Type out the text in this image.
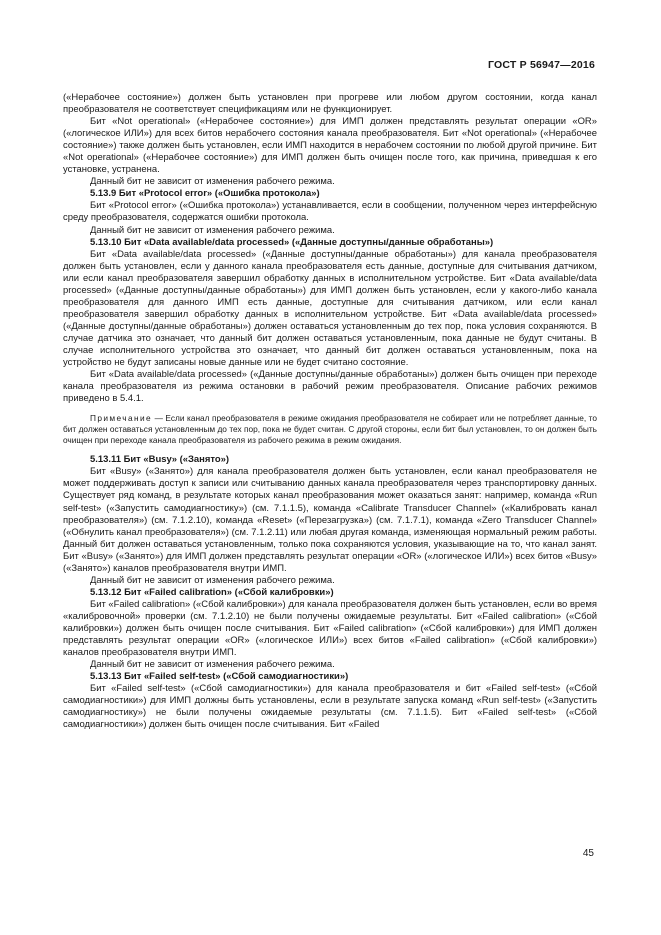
ГОСТ Р 56947—2016

(«Нерабочее состояние») должен быть установлен при прогреве или любом другом состоянии, когда канал преобразователя не соответствует спецификациям или не функционирует.

Бит «Not operational» («Нерабочее состояние») для ИМП должен представлять результат операции «OR» («логическое ИЛИ») для всех битов нерабочего состояния канала преобразователя. Бит «Not operational» («Нерабочее состояние») также должен быть установлен, если ИМП находится в нерабочем состоянии по любой другой причине. Бит «Not operational» («Нерабочее состояние») для ИМП должен быть очищен после того, как причина, приведшая к его установке, устранена.

Данный бит не зависит от изменения рабочего режима.

5.13.9 Бит «Protocol error» («Ошибка протокола»)

Бит «Protocol error» («Ошибка протокола») устанавливается, если в сообщении, полученном через интерфейсную среду преобразователя, содержатся ошибки протокола.

Данный бит не зависит от изменения рабочего режима.

5.13.10 Бит «Data available/data processed» («Данные доступны/данные обработаны»)

Бит «Data available/data processed» («Данные доступны/данные обработаны») для канала преобразователя должен быть установлен, если у данного канала преобразователя есть данные, доступные для считывания датчиком, или если канал преобразователя завершил обработку данных в исполнительном устройстве. Бит «Data available/data processed» («Данные доступны/данные обработаны») для ИМП должен быть установлен, если у какого-либо канала преобразователя для данного ИМП есть данные, доступные для считывания датчиком, или если канал преобразователя завершил обработку данных в исполнительном устройстве. Бит «Data available/data processed» («Данные доступны/данные обработаны») должен оставаться установленным до тех пор, пока условия сохраняются. В случае датчика это означает, что данный бит должен оставаться установленным, пока данные не будут считаны. В случае исполнительного устройства это означает, что данный бит должен оставаться установленным, пока на устройство не будут записаны новые данные или не будет считано состояние.

Бит «Data available/data processed» («Данные доступны/данные обработаны») должен быть очищен при переходе канала преобразователя из режима остановки в рабочий режим преобразователя. Описание рабочих режимов приведено в 5.4.1.

Примечание — Если канал преобразователя в режиме ожидания преобразователя не собирает или не потребляет данные, то бит должен оставаться установленным до тех пор, пока не будет считан. С другой стороны, если бит был установлен, то он должен быть очищен при переходе канала преобразователя из рабочего режима в режим ожидания.

5.13.11 Бит «Busy» («Занято»)

Бит «Busy» («Занято») для канала преобразователя должен быть установлен, если канал преобразователя не может поддерживать доступ к записи или считыванию данных канала преобразователя через транспортировку данных. Существует ряд команд, в результате которых канал преобразования может оказаться занят: например, команда «Run self-test» («Запустить самодиагностику») (см. 7.1.1.5), команда «Calibrate Transducer Channel» («Калибровать канал преобразователя») (см. 7.1.2.10), команда «Reset» («Перезагрузка») (см. 7.1.7.1), команда «Zero Transducer Channel» («Обнулить канал преобразователя») (см. 7.1.2.11) или любая другая команда, изменяющая нормальный режим работы. Данный бит должен оставаться установленным, только пока сохраняются условия, указывающие на то, что канал занят. Бит «Busy» («Занято») для ИМП должен представлять результат операции «OR» («логическое ИЛИ») всех битов «Busy» («Занято») каналов преобразователя внутри ИМП.

Данный бит не зависит от изменения рабочего режима.

5.13.12 Бит «Failed calibration» («Сбой калибровки»)

Бит «Failed calibration» («Сбой калибровки») для канала преобразователя должен быть установлен, если во время «калибровочной» проверки (см. 7.1.2.10) не были получены ожидаемые результаты. Бит «Failed calibration» («Сбой калибровки») должен быть очищен после считывания. Бит «Failed calibration» («Сбой калибровки») для ИМП должен представлять результат операции «OR» («логическое ИЛИ») всех битов «Failed calibration» («Сбой калибровки») каналов преобразователя внутри ИМП.

Данный бит не зависит от изменения рабочего режима.

5.13.13 Бит «Failed self-test» («Сбой самодиагностики»)

Бит «Failed self-test» («Сбой самодиагностики») для канала преобразователя и бит «Failed self-test» («Сбой самодиагностики») для ИМП должны быть установлены, если в результате запуска команд «Run self-test» («Запустить самодиагностику») не были получены ожидаемые результаты (см. 7.1.1.5). Бит «Failed self-test» («Сбой самодиагностики») должен быть очищен после считывания. Бит «Failed

45
